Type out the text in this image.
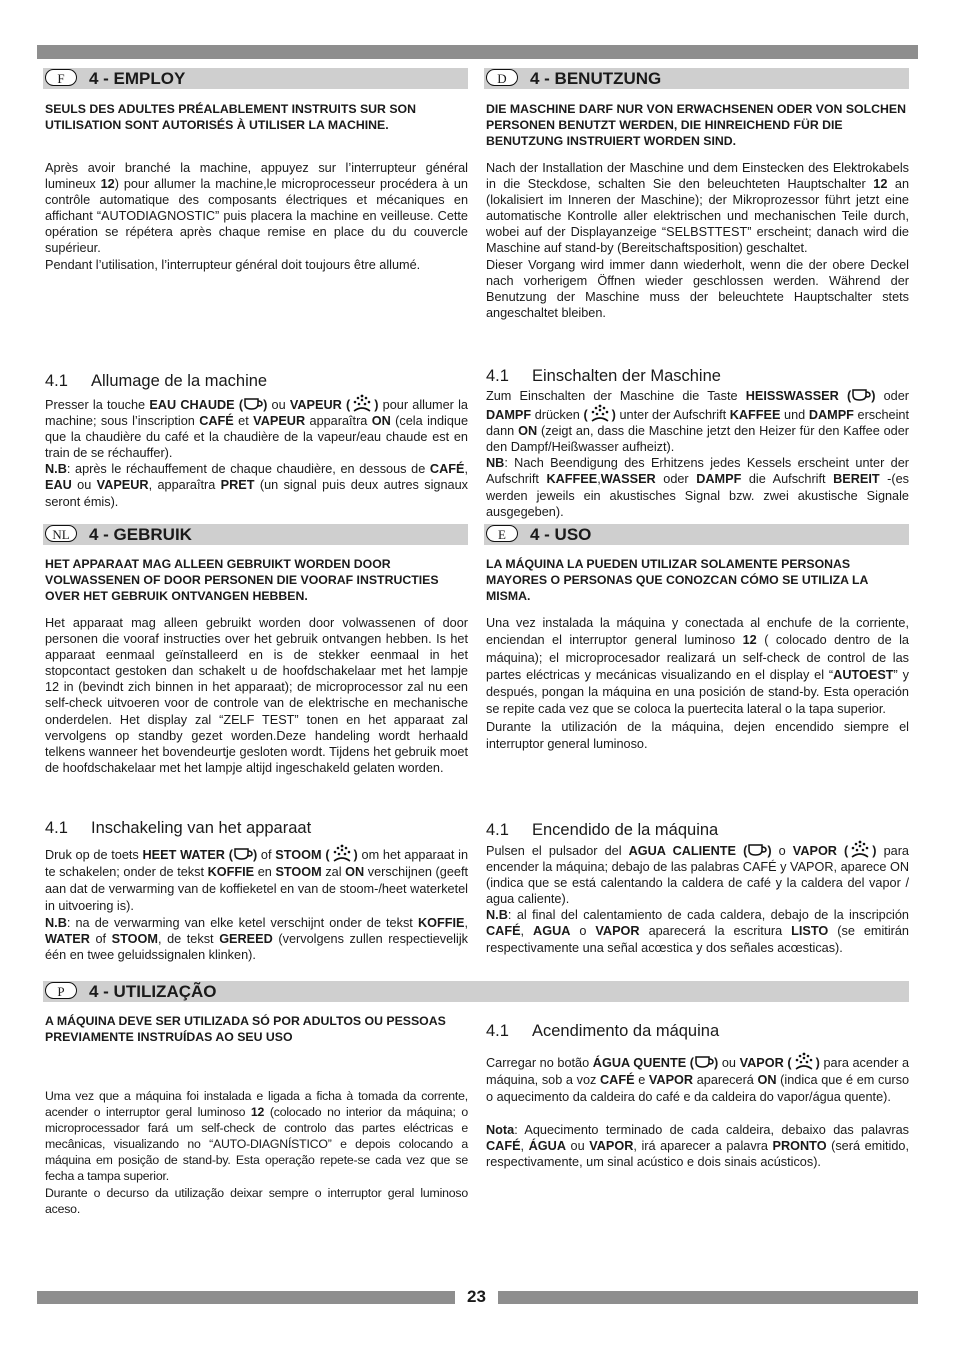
23
F	4 - EMPLOY

SEULS DES ADULTES PRÉALABLEMENT INSTRUITS SUR SON UTILISATION SONT AUTORISÉS À UTILISER LA MACHINE.

Après avoir branché la machine, appuyez sur l’interrupteur général lumineux 12) pour allumer la machine,le microprocesseur procédera à un contrôle automatique des composants électriques et mécaniques en affichant “AUTODIAGNOSTIC” puis placera la machine en veilleuse. Cette opération se répétera après chaque remise en place du du couvercle supérieur.

Pendant l’utilisation, l’interrupteur général doit toujours être allumé.

4.1 Allumage de la machine

Presser la touche EAU CHAUDE ( ) ou VAPEUR ( ) pour allumer la machine; sous l’inscription CAFÉ et VAPEUR apparaîtra ON (cela indique que la chaudière du café et la chaudière de la vapeur/eau chaude est en train de se réchauffer).

N.B: après le réchauffement de chaque chaudière, en dessous de CAFÉ, EAU ou VAPEUR, apparaîtra PRET (un signal puis deux autres signaux seront émis).

D	4 - BENUTZUNG

DIE MASCHINE DARF NUR VON ERWACHSENEN ODER VON SOLCHEN PERSONEN BENUTZT WERDEN, DIE HINREICHEND FÜR DIE BENUTZUNG INSTRUIERT WORDEN SIND.

Nach der Installation der Maschine und dem Einstecken des Elektrokabels in die Steckdose, schalten Sie den beleuchteten Hauptschalter 12 an (lokalisiert im Inneren der Maschine); der Mikroprozessor führt jetzt eine automatische Kontrolle aller elektrischen und mechanischen Teile durch, wobei auf der Displayanzeige “SELBSTTEST” erscheint; danach wird die Maschine auf stand-by (Bereitschaftsposition) geschaltet.

Dieser Vorgang wird immer dann wiederholt, wenn die der obere Deckel nach vorherigem Öffnen wieder geschlossen werden. Während der Benutzung der Maschine muss der beleuchtete Hauptschalter stets angeschaltet bleiben.

4.1 Einschalten der Maschine

Zum Einschalten der Maschine die Taste HEISSWASSER ( ) oder DAMPF drücken ( ) unter der Aufschrift KAFFEE und DAMPF erscheint dann ON (zeigt an, dass die Maschine jetzt den Heizer für den Kaffee oder den Dampf/Heißwasser aufheizt).

NB: Nach Beendigung des Erhitzens jedes Kessels erscheint unter der Aufschrift KAFFEE,WASSER oder DAMPF die Aufschrift BEREIT -(es werden jeweils ein akustisches Signal bzw. zwei akustische Signale ausgegeben).

NL	4 - GEBRUIK

HET APPARAAT MAG ALLEEN GEBRUIKT WORDEN DOOR VOLWASSENEN OF DOOR PERSONEN DIE VOORAF INSTRUCTIES OVER HET GEBRUIK ONTVANGEN HEBBEN.

Het apparaat mag alleen gebruikt worden door volwassenen of door personen die vooraf instructies over het gebruik ontvangen hebben. Is het apparaat eenmaal geïnstalleerd en is de stekker eenmaal in het stopcontact gestoken dan schakelt u de hoofdschakelaar met het lampje 12 in (bevindt zich binnen in het apparaat); de microprocessor zal nu een self-check uitvoeren voor de controle van de elektrische en mechanische onderdelen. Het display zal “ZELF TEST” tonen en het apparaat zal vervolgens op standby gezet worden.Deze handeling wordt herhaald telkens wanneer het bovendeurtje gesloten wordt. Tijdens het gebruik moet de hoofdschakelaar met het lampje altijd ingeschakeld gelaten worden.

4.1 Inschakeling van het apparaat

Druk op de toets HEET WATER ( ) of STOOM ( ) om het apparaat in te schakelen; onder de tekst KOFFIE en STOOM zal ON verschijnen (geeft aan dat de verwarming van de koffieketel en van de stoom-/heet waterketel in uitvoering is).

N.B: na de verwarming van elke ketel verschijnt onder de tekst KOFFIE, WATER of STOOM, de tekst GEREED (vervolgens zullen respectievelijk één en twee geluidssignalen klinken).

E	4 - USO

LA MÁQUINA LA PUEDEN UTILIZAR SOLAMENTE PERSONAS MAYORES O PERSONAS QUE CONOZCAN CÓMO SE UTILIZA LA MISMA.

Una vez instalada la máquina y conectada al enchufe de la corriente, enciendan el interruptor general luminoso 12 ( colocado dentro de la máquina); el microprocesador realizará un self-check de control de las partes eléctricas y mecánicas visualizando en el display el “AUTOEST” y después, pongan la máquina en una posición de stand-by. Esta operación se repite cada vez que se coloca la puertecita lateral o la tapa superior.

Durante la utilización de la máquina, dejen encendido siempre el interruptor general luminoso.

4.1 Encendido de la máquina

Pulsen el pulsador del AGUA CALIENTE ( ) o VAPOR ( ) para encender la máquina; debajo de las palabras CAFÉ y VAPOR, aparece ON (indica que se está calentando la caldera de café y la caldera del vapor / agua caliente).

N.B: al final del calentamiento de cada caldera, debajo de la inscripción CAFÉ, AGUA o VAPOR aparecerá la escritura LISTO (se emitirán respectivamente una señal acœstica y dos señales acœsticas).

P	4 - UTILIZAÇÃO

A MÁQUINA DEVE SER UTILIZADA SÓ POR ADULTOS OU PESSOAS PREVIAMENTE INSTRUÍDAS AO SEU USO

Uma vez que a máquina foi instalada e ligada a ficha à tomada da corrente, acender o interruptor geral luminoso 12 (colocado no interior da máquina; o microprocessador fará um self-check de controlo das partes eléctricas e mecânicas, visualizando no “AUTO-DIAGNÍSTICO” e depois colocando a máquina em posição de stand-by. Esta operação repete-se cada vez que se fecha a tampa superior.

Durante o decurso da utilização deixar sempre o interruptor geral luminoso aceso.

4.1 Acendimento da máquina

Carregar no botão ÁGUA QUENTE ( ) ou VAPOR ( ) para acender a máquina, sob a voz CAFÉ e VAPOR aparecerá ON (indica que é em curso o aquecimento da caldeira do café e da caldeira do vapor/água quente).

Nota: Aquecimento terminado de cada caldeira, debaixo das palavras CAFÉ, ÁGUA ou VAPOR, irá aparecer a palavra PRONTO (será emitido, respectivamente, um sinal acústico e dois sinais acústicos).
